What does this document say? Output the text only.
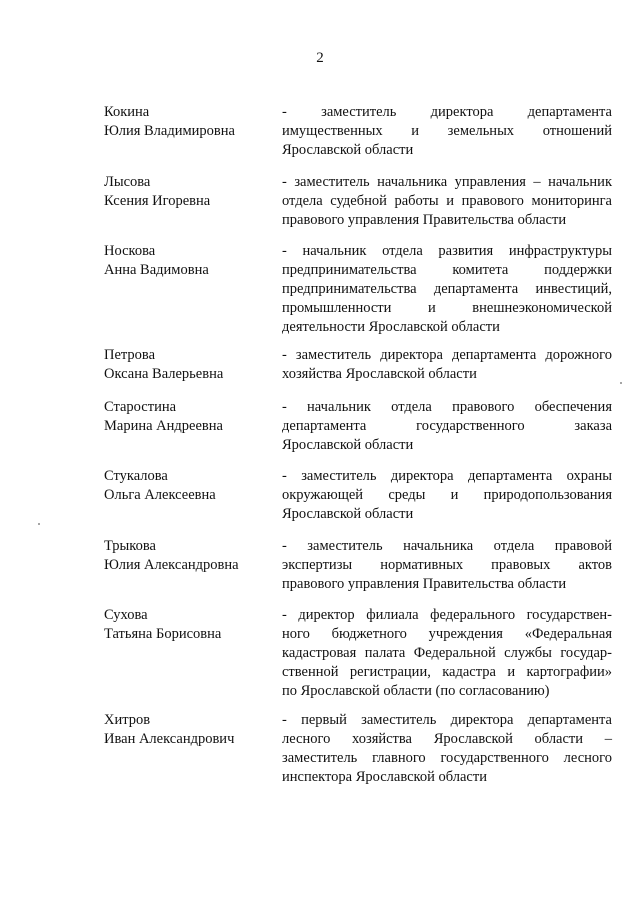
2
Кокина
Юлия Владимировна
- заместитель директора департамента
имущественных и земельных отношений
Ярославской области
Лысова
Ксения Игоревна
- заместитель начальника управления – начальник
отдела судебной работы и правового мониторинга
правового управления Правительства области
Носкова
Анна Вадимовна
- начальник отдела развития инфраструктуры
предпринимательства комитета поддержки
предпринимательства департамента инвестиций,
промышленности и внешнеэкономической
деятельности Ярославской области
Петрова
Оксана Валерьевна
- заместитель директора департамента дорожного
хозяйства Ярославской области
Старостина
Марина Андреевна
- начальник отдела правового обеспечения
департамента государственного заказа
Ярославской области
Стукалова
Ольга Алексеевна
- заместитель директора департамента охраны
окружающей среды и природопользования
Ярославской области
Трыкова
Юлия Александровна
- заместитель начальника отдела правовой
экспертизы нормативных правовых актов
правового управления Правительства области
Сухова
Татьяна Борисовна
- директор филиала федерального государствен-
ного бюджетного учреждения «Федеральная
кадастровая палата Федеральной службы государ-
ственной регистрации, кадастра и картографии»
по Ярославской области (по согласованию)
Хитров
Иван Александрович
- первый заместитель директора департамента
лесного хозяйства Ярославской области –
заместитель главного государственного лесного
инспектора Ярославской области
